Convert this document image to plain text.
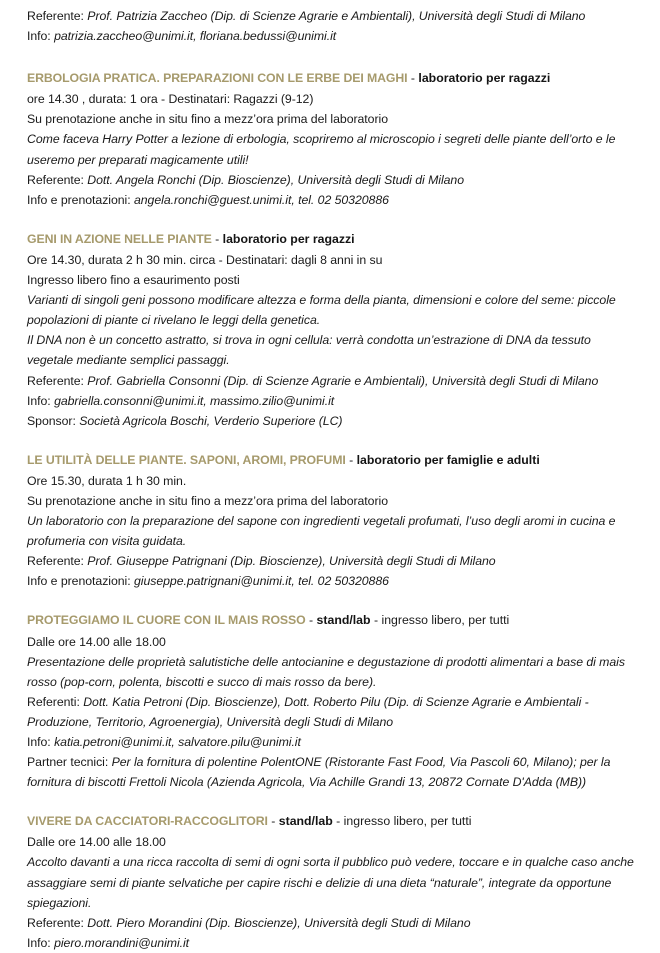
Referente: Prof. Patrizia Zaccheo (Dip. di Scienze Agrarie e Ambientali), Università degli Studi di Milano
Info: patrizia.zaccheo@unimi.it, floriana.bedussi@unimi.it
ERBOLOGIA PRATICA. PREPARAZIONI CON LE ERBE DEI MAGHI - laboratorio per ragazzi
ore 14.30 , durata: 1 ora - Destinatari: Ragazzi (9-12)
Su prenotazione anche in situ fino a mezz’ora prima del laboratorio
Come faceva Harry Potter a lezione di erbologia, scopriremo al microscopio i segreti delle piante dell’orto e le useremo per preparati magicamente utili!
Referente: Dott. Angela Ronchi (Dip. Bioscienze), Università degli Studi di Milano
Info e prenotazioni: angela.ronchi@guest.unimi.it, tel. 02 50320886
GENI IN AZIONE NELLE PIANTE - laboratorio per ragazzi
Ore 14.30, durata 2 h 30 min. circa - Destinatari: dagli 8 anni in su
Ingresso libero fino a esaurimento posti
Varianti di singoli geni possono modificare altezza e forma della pianta, dimensioni e colore del seme: piccole popolazioni di piante ci rivelano le leggi della genetica.
Il DNA non è un concetto astratto, si trova in ogni cellula: verrà condotta un’estrazione di DNA da tessuto vegetale mediante semplici passaggi.
Referente: Prof. Gabriella Consonni (Dip. di Scienze Agrarie e Ambientali), Università degli Studi di Milano
Info: gabriella.consonni@unimi.it, massimo.zilio@unimi.it
Sponsor: Società Agricola Boschi, Verderio Superiore (LC)
LE UTILITÀ DELLE PIANTE. SAPONI, AROMI, PROFUMI - laboratorio per famiglie e adulti
Ore 15.30, durata 1 h 30 min.
Su prenotazione anche in situ fino a mezz’ora prima del laboratorio
Un laboratorio con la preparazione del sapone con ingredienti vegetali profumati, l’uso degli aromi in cucina e profumeria con visita guidata.
Referente: Prof. Giuseppe Patrignani (Dip. Bioscienze), Università degli Studi di Milano
Info e prenotazioni: giuseppe.patrignani@unimi.it, tel. 02 50320886
PROTEGGIAMO IL CUORE CON IL MAIS ROSSO - stand/lab - ingresso libero, per tutti
Dalle ore 14.00 alle 18.00
Presentazione delle proprietà salutistiche delle antocianine e degustazione di prodotti alimentari a base di mais rosso (pop-corn, polenta, biscotti e succo di mais rosso da bere).
Referenti: Dott. Katia Petroni (Dip. Bioscienze), Dott. Roberto Pilu (Dip. di Scienze Agrarie e Ambientali - Produzione, Territorio, Agroenergia), Università degli Studi di Milano
Info: katia.petroni@unimi.it, salvatore.pilu@unimi.it
Partner tecnici: Per la fornitura di polentine PolentONE (Ristorante Fast Food, Via Pascoli 60, Milano); per la fornitura di biscotti Frettoli Nicola (Azienda Agricola, Via Achille Grandi 13, 20872 Cornate D'Adda (MB))
VIVERE DA CACCIATORI-RACCOGLITORI - stand/lab - ingresso libero, per tutti
Dalle ore 14.00 alle 18.00
Accolto davanti a una ricca raccolta di semi di ogni sorta il pubblico può vedere, toccare e in qualche caso anche assaggiare semi di piante selvatiche per capire rischi e delizie di una dieta “naturale”, integrate da opportune spiegazioni.
Referente: Dott. Piero Morandini (Dip. Bioscienze), Università degli Studi di Milano
Info: piero.morandini@unimi.it
